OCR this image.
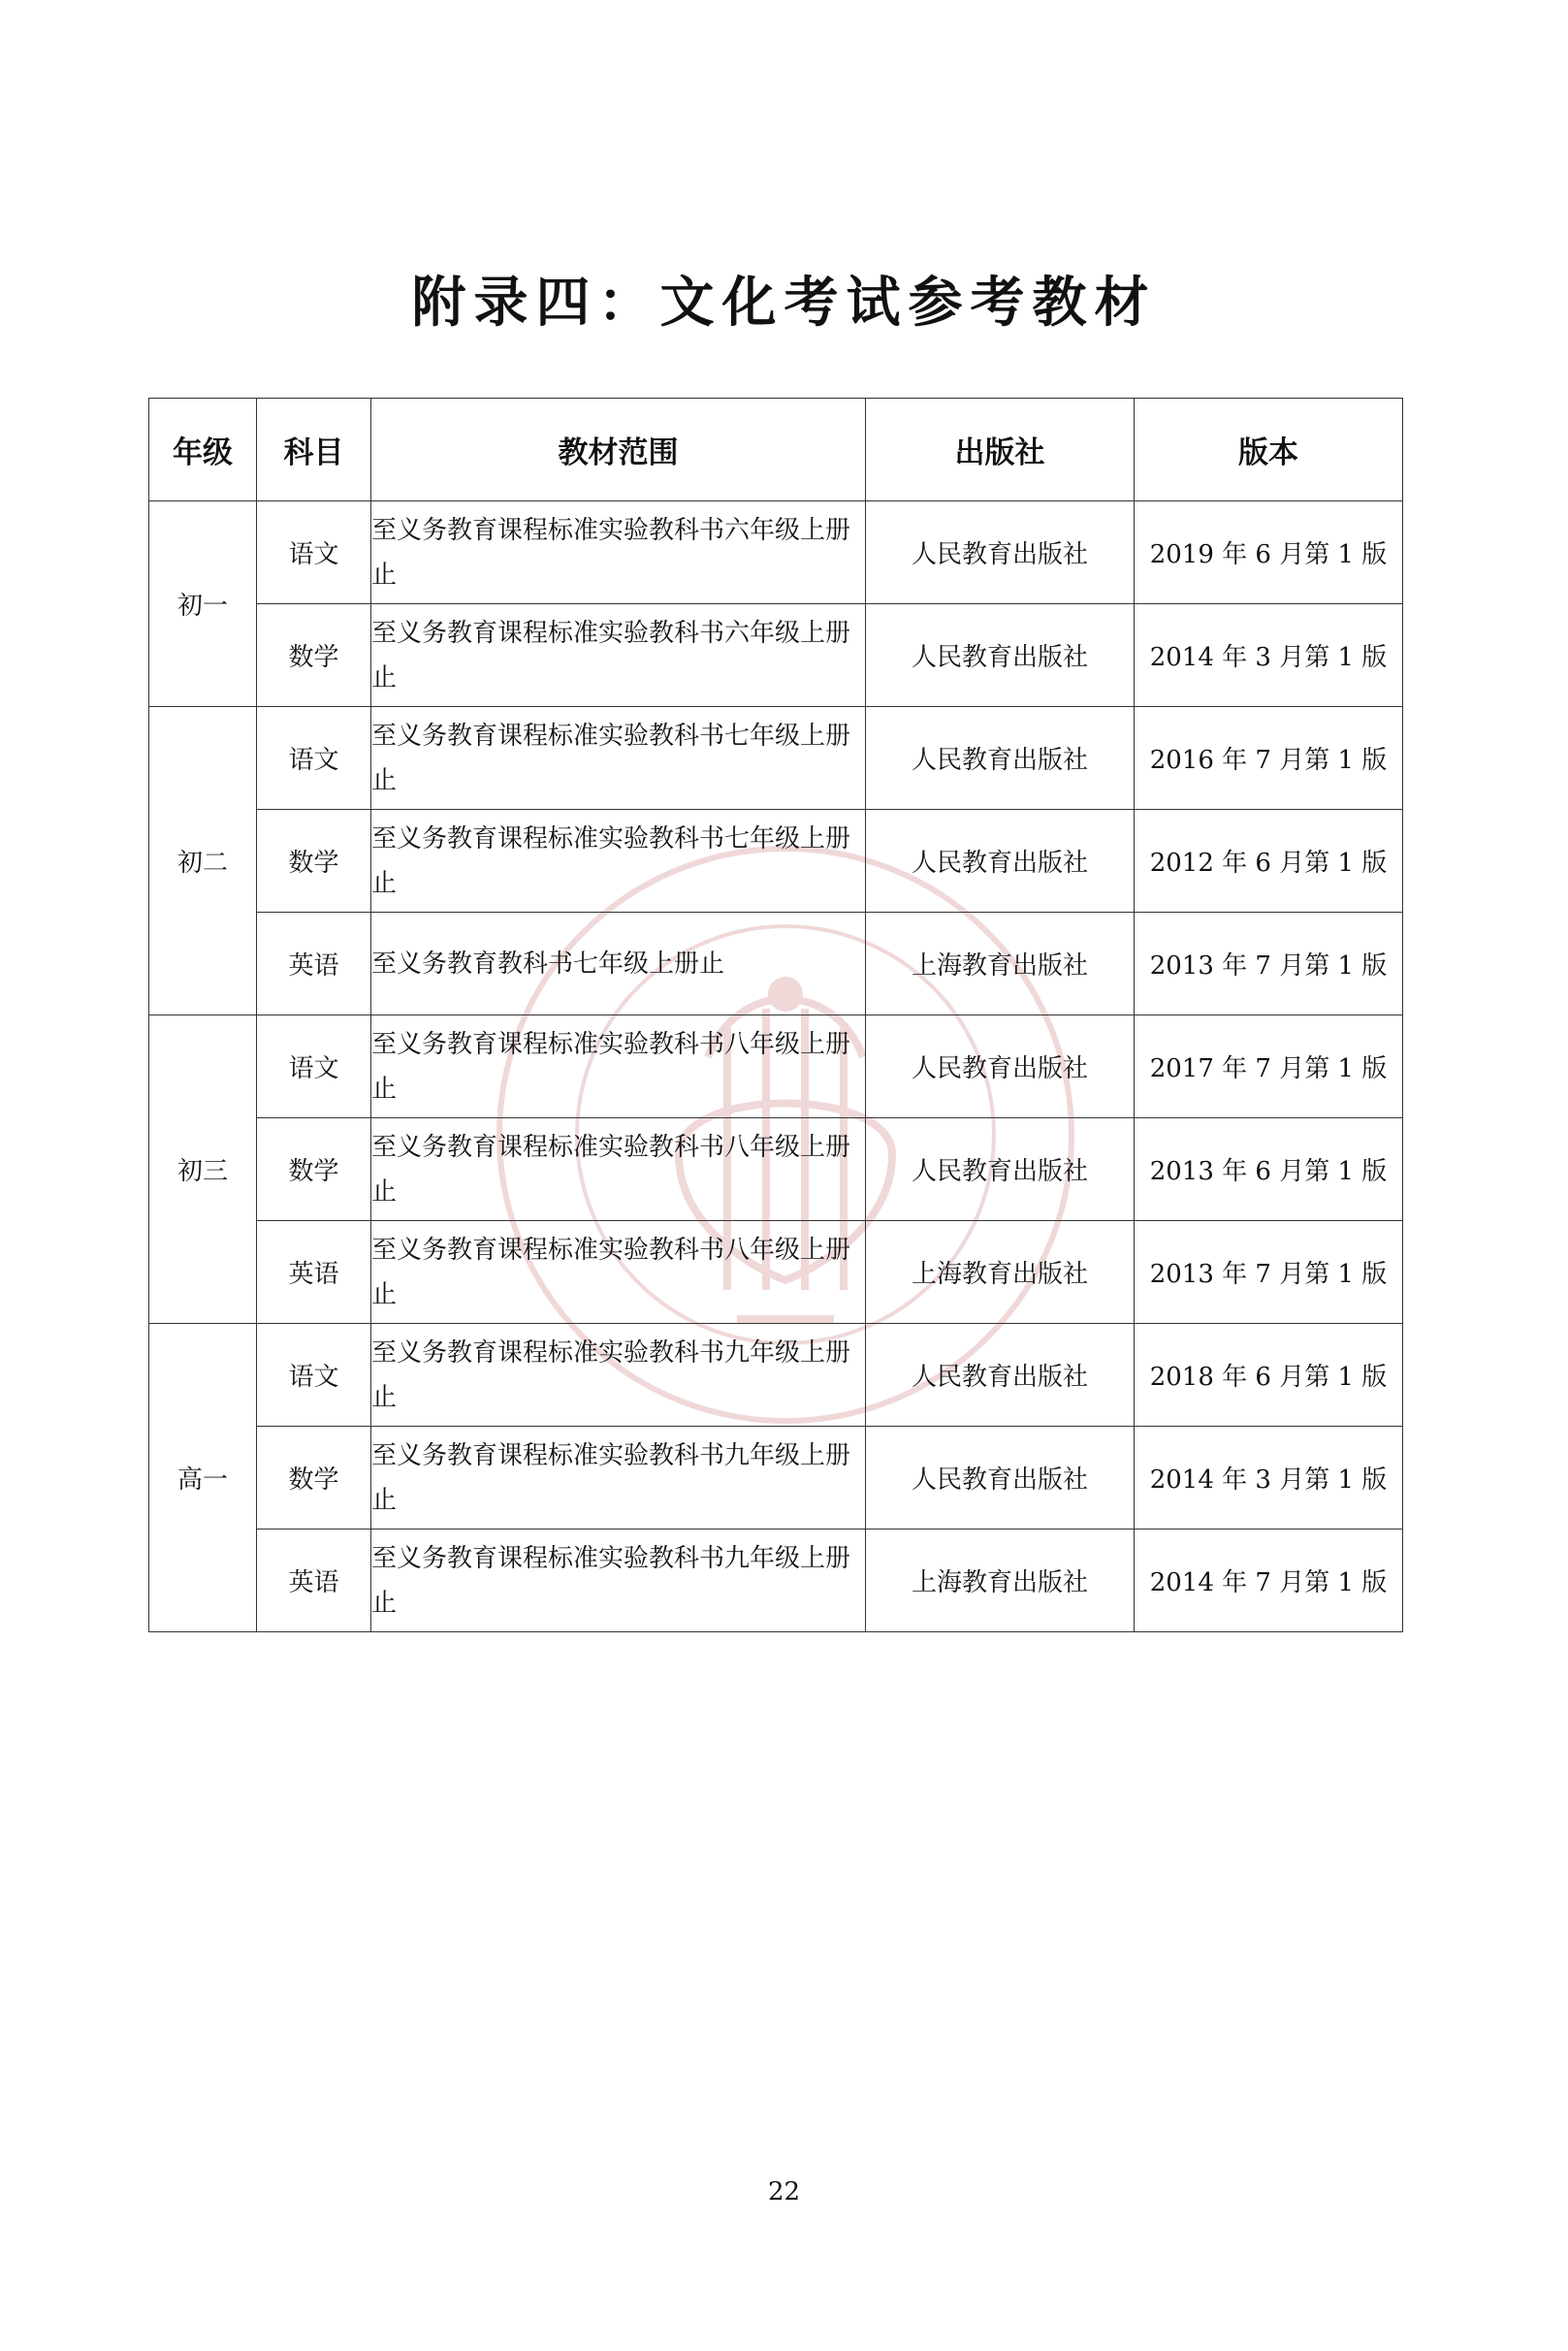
附录四：文化考试参考教材
年级	科目	教材范围	出版社	版本
初一	语文	至义务教育课程标准实验教科书六年级上册止	人民教育出版社	2019 年 6 月第 1 版
	数学	至义务教育课程标准实验教科书六年级上册止	人民教育出版社	2014 年 3 月第 1 版
初二	语文	至义务教育课程标准实验教科书七年级上册止	人民教育出版社	2016 年 7 月第 1 版
	数学	至义务教育课程标准实验教科书七年级上册止	人民教育出版社	2012 年 6 月第 1 版
	英语	至义务教育教科书七年级上册止	上海教育出版社	2013 年 7 月第 1 版
初三	语文	至义务教育课程标准实验教科书八年级上册止	人民教育出版社	2017 年 7 月第 1 版
	数学	至义务教育课程标准实验教科书八年级上册止	人民教育出版社	2013 年 6 月第 1 版
	英语	至义务教育课程标准实验教科书八年级上册止	上海教育出版社	2013 年 7 月第 1 版
高一	语文	至义务教育课程标准实验教科书九年级上册止	人民教育出版社	2018 年 6 月第 1 版
	数学	至义务教育课程标准实验教科书九年级上册止	人民教育出版社	2014 年 3 月第 1 版
	英语	至义务教育课程标准实验教科书九年级上册止	上海教育出版社	2014 年 7 月第 1 版
22
